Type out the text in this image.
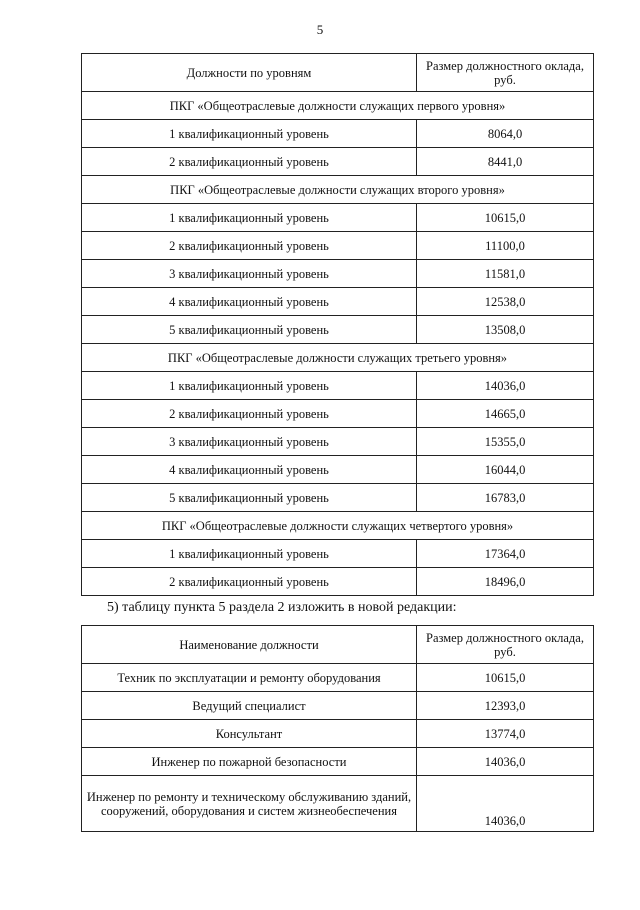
5
Должности по уровням	Размер должностного оклада, руб.
ПКГ «Общеотраслевые должности служащих первого уровня»	
1 квалификационный уровень	8064,0
2 квалификационный уровень	8441,0
ПКГ «Общеотраслевые должности служащих второго уровня»	
1 квалификационный уровень	10615,0
2 квалификационный уровень	11100,0
3 квалификационный уровень	11581,0
4 квалификационный уровень	12538,0
5 квалификационный уровень	13508,0
ПКГ «Общеотраслевые должности служащих третьего уровня»	
1 квалификационный уровень	14036,0
2 квалификационный уровень	14665,0
3 квалификационный уровень	15355,0
4 квалификационный уровень	16044,0
5 квалификационный уровень	16783,0
ПКГ «Общеотраслевые должности служащих четвертого уровня»	
1 квалификационный уровень	17364,0
2 квалификационный уровень	18496,0
5) таблицу пункта 5 раздела 2 изложить в новой редакции:
Наименование должности	Размер должностного оклада, руб.
Техник по эксплуатации и ремонту оборудования	10615,0
Ведущий специалист	12393,0
Консультант	13774,0
Инженер по пожарной безопасности	14036,0
Инженер по ремонту и техническому обслуживанию зданий, сооружений, оборудования и систем жизнеобеспечения	14036,0
